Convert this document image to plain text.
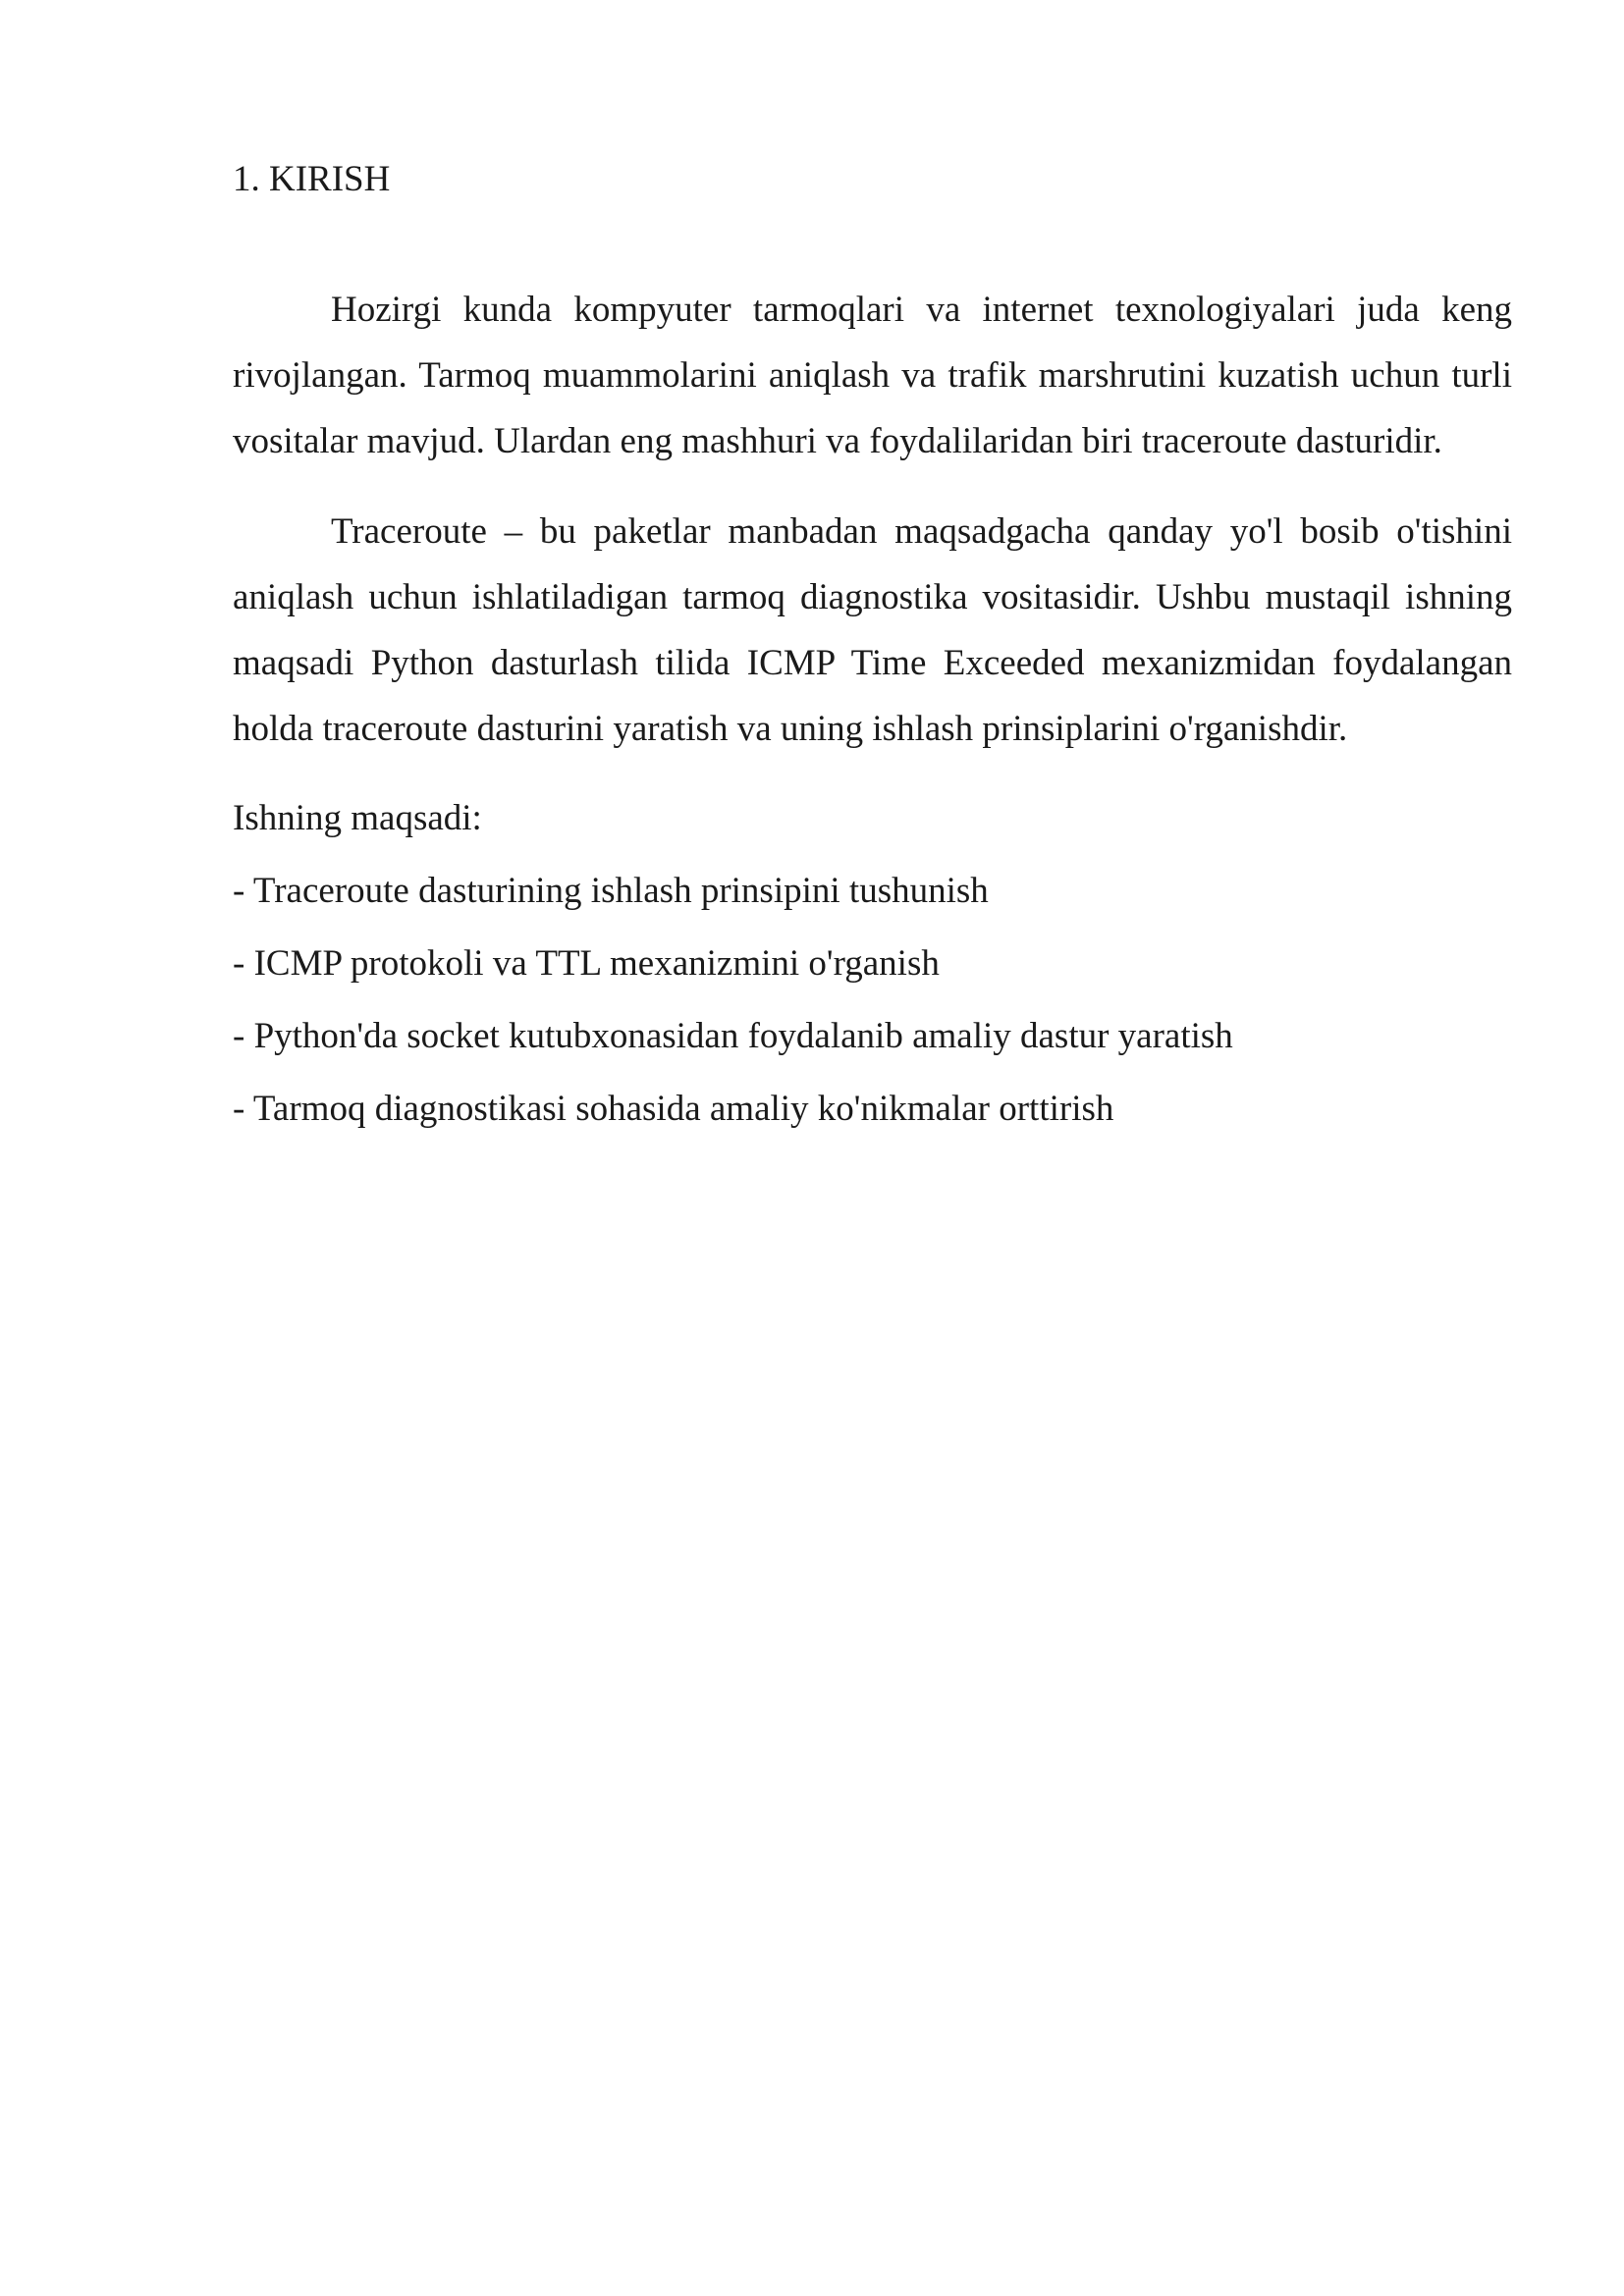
1. KIRISH

Hozirgi kunda kompyuter tarmoqlari va internet texnologiyalari juda keng rivojlangan. Tarmoq muammolarini aniqlash va trafik marshrutini kuzatish uchun turli vositalar mavjud. Ulardan eng mashhuri va foydalilaridan biri traceroute dasturidir.

Traceroute – bu paketlar manbadan maqsadgacha qanday yo'l bosib o'tishini aniqlash uchun ishlatiladigan tarmoq diagnostika vositasidir. Ushbu mustaqil ishning maqsadi Python dasturlash tilida ICMP Time Exceeded mexanizmidan foydalangan holda traceroute dasturini yaratish va uning ishlash prinsiplarini o'rganishdir.

Ishning maqsadi:
- Traceroute dasturining ishlash prinsipini tushunish
- ICMP protokoli va TTL mexanizmini o'rganish
- Python'da socket kutubxonasidan foydalanib amaliy dastur yaratish
- Tarmoq diagnostikasi sohasida amaliy ko'nikmalar orttirish
